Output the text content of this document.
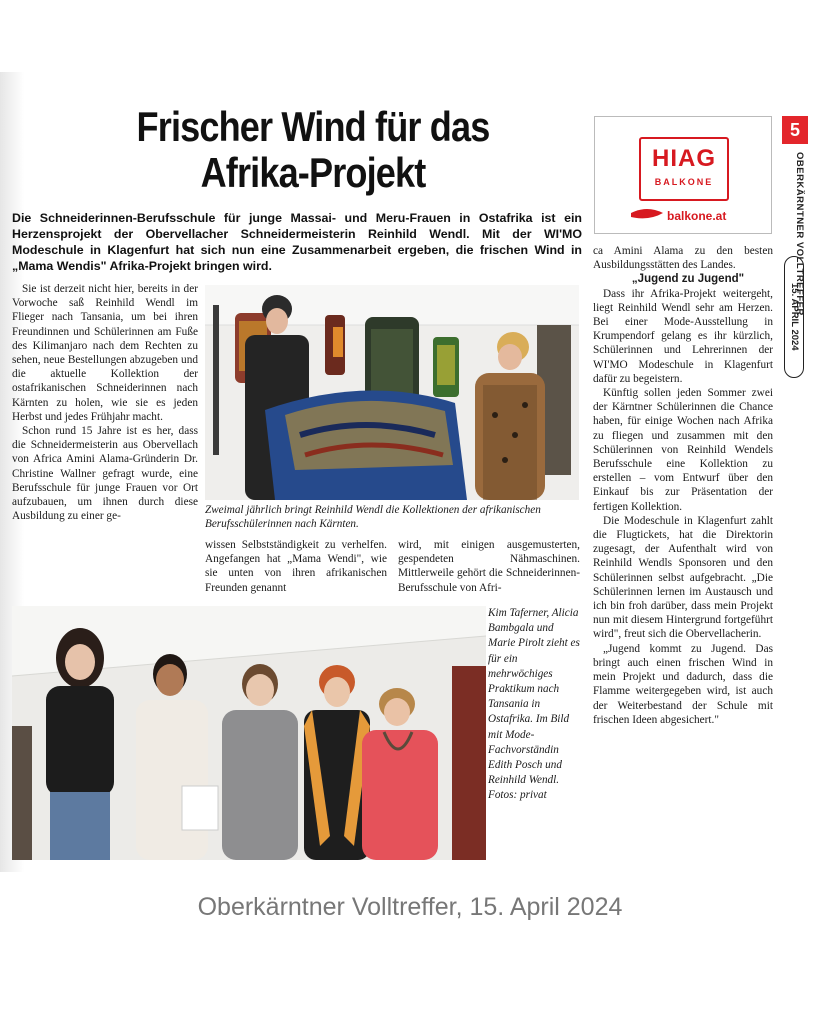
Frischer Wind für das
Afrika-Projekt
Die Schneiderinnen-Berufsschule für junge Massai- und Meru-Frauen in Ostafrika ist ein Herzensprojekt der Obervellacher Schneidermeisterin Reinhild Wendl. Mit der WI'MO Modeschule in Klagenfurt hat sich nun eine Zusammenarbeit ergeben, die frischen Wind in „Mama Wendis" Afrika-Projekt bringen wird.

Sie ist derzeit nicht hier, bereits in der Vorwoche saß Reinhild Wendl im Flieger nach Tansania, um bei ihren Freundinnen und Schülerinnen am Fuße des Kilimanjaro nach dem Rechten zu sehen, neue Bestellungen abzugeben und die aktuelle Kollektion der ostafrikanischen Schneiderinnen nach Kärnten zu holen, wie sie es jeden Herbst und jedes Frühjahr macht.

Schon rund 15 Jahre ist es her, dass die Schneidermeisterin aus Obervellach von Africa Amini Alama-Gründerin Dr. Christine Wallner gefragt wurde, eine Berufsschule für junge Frauen vor Ort aufzubauen, um ihnen durch diese Ausbildung zu einer ge-

Zweimal jährlich bringt Reinhild Wendl die Kollektionen der afrikanischen Berufsschülerinnen nach Kärnten.

wissen Selbstständigkeit zu verhelfen. Angefangen hat „Mama Wendi", wie sie unten von ihren afrikanischen Freunden genannt

wird, mit einigen ausgemusterten, gespendeten Nähmaschinen. Mittlerweile gehört die Schneiderinnen-Berufsschule von Afri-

Kim Taferner, Alicia Bambgala und Marie Pirolt zieht es für ein mehrwöchiges Praktikum nach Tansania in Ostafrika. Im Bild mit Mode-Fachvorständin Edith Posch und Reinhild Wendl. Fotos: privat

ca Amini Alama zu den besten Ausbildungsstätten des Landes.

„Jugend zu Jugend"

Dass ihr Afrika-Projekt weitergeht, liegt Reinhild Wendl sehr am Herzen. Bei einer Mode-Ausstellung in Krumpendorf gelang es ihr kürzlich, Schülerinnen und Lehrerinnen der WI'MO Modeschule in Klagenfurt dafür zu begeistern.

Künftig sollen jeden Sommer zwei der Kärntner Schülerinnen die Chance haben, für einige Wochen nach Afrika zu fliegen und zusammen mit den Schülerinnen von Reinhild Wendels Berufsschule eine Kollektion zu erstellen – vom Entwurf über den Einkauf bis zur Präsentation der fertigen Kollektion.

Die Modeschule in Klagenfurt zahlt die Flugtickets, hat die Direktorin zugesagt, der Aufenthalt wird von Reinhild Wendls Sponsoren und den Schülerinnen selbst aufgebracht. „Die Schülerinnen lernen im Austausch und ich bin froh darüber, dass mein Projekt nun mit diesem Hintergrund fortgeführt wird", freut sich die Obervellacherin.

„Jugend kommt zu Jugend. Das bringt auch einen frischen Wind in mein Projekt und dadurch, dass die Flamme weitergegeben wird, ist auch der Weiterbestand der Schule mit frischen Ideen abgesichert."

HIAG
BALKONE
balkone.at
5
OBERKÄRNTNER VOLLTREFFER
15. APRIL 2024
Oberkärntner Volltreffer, 15. April 2024
